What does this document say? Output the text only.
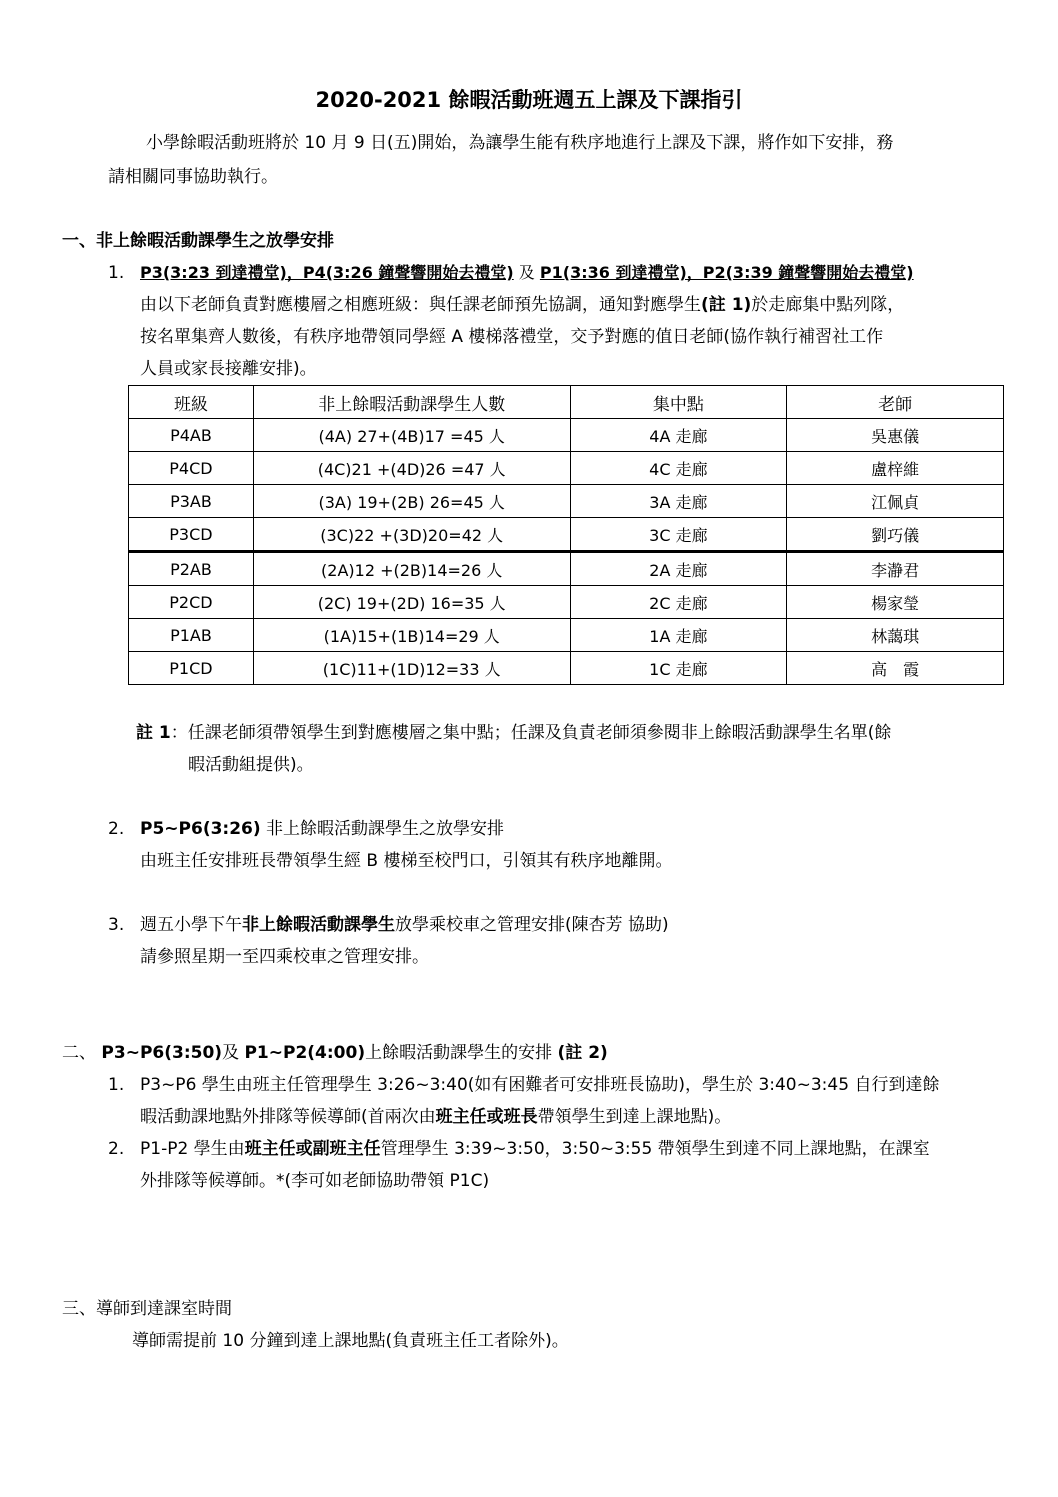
2020-2021 餘暇活動班週五上課及下課指引
小學餘暇活動班將於 10 月 9 日(五)開始，為讓學生能有秩序地進行上課及下課，將作如下安排，務
請相關同事協助執行。
一、非上餘暇活動課學生之放學安排
1. P3(3:23 到達禮堂)，P4(3:26 鐘聲響開始去禮堂) 及 P1(3:36 到達禮堂)，P2(3:39 鐘聲響開始去禮堂)
由以下老師負責對應樓層之相應班級：與任課老師預先協調，通知對應學生(註 1)於走廊集中點列隊，
按名單集齊人數後，有秩序地帶領同學經 A 樓梯落禮堂，交予對應的值日老師(協作執行補習社工作
人員或家長接離安排)。
班級	非上餘暇活動課學生人數	集中點	老師
P4AB	(4A) 27+(4B)17 =45 人	4A 走廊	吳惠儀
P4CD	(4C)21 +(4D)26 =47 人	4C 走廊	盧梓維
P3AB	(3A) 19+(2B) 26=45 人	3A 走廊	江佩貞
P3CD	(3C)22 +(3D)20=42 人	3C 走廊	劉巧儀
P2AB	(2A)12 +(2B)14=26 人	2A 走廊	李瀞君
P2CD	(2C) 19+(2D) 16=35 人	2C 走廊	楊家瑩
P1AB	(1A)15+(1B)14=29 人	1A 走廊	林藹琪
P1CD	(1C)11+(1D)12=33 人	1C 走廊	高　霞
註 1：任課老師須帶領學生到對應樓層之集中點；任課及負責老師須參閱非上餘暇活動課學生名單(餘
暇活動組提供)。
2. P5~P6(3:26) 非上餘暇活動課學生之放學安排
由班主任安排班長帶領學生經 B 樓梯至校門口，引領其有秩序地離開。
3. 週五小學下午非上餘暇活動課學生放學乘校車之管理安排(陳杏芳 協助)
請參照星期一至四乘校車之管理安排。
二、 P3~P6(3:50)及 P1~P2(4:00)上餘暇活動課學生的安排 (註 2)
1. P3~P6 學生由班主任管理學生 3:26~3:40(如有困難者可安排班長協助)，學生於 3:40~3:45 自行到達餘
暇活動課地點外排隊等候導師(首兩次由班主任或班長帶領學生到達上課地點)。
2. P1-P2 學生由班主任或副班主任管理學生 3:39~3:50，3:50~3:55 帶領學生到達不同上課地點，在課室
外排隊等候導師。*(李可如老師協助帶領 P1C)
三、導師到達課室時間
導師需提前 10 分鐘到達上課地點(負責班主任工者除外)。
